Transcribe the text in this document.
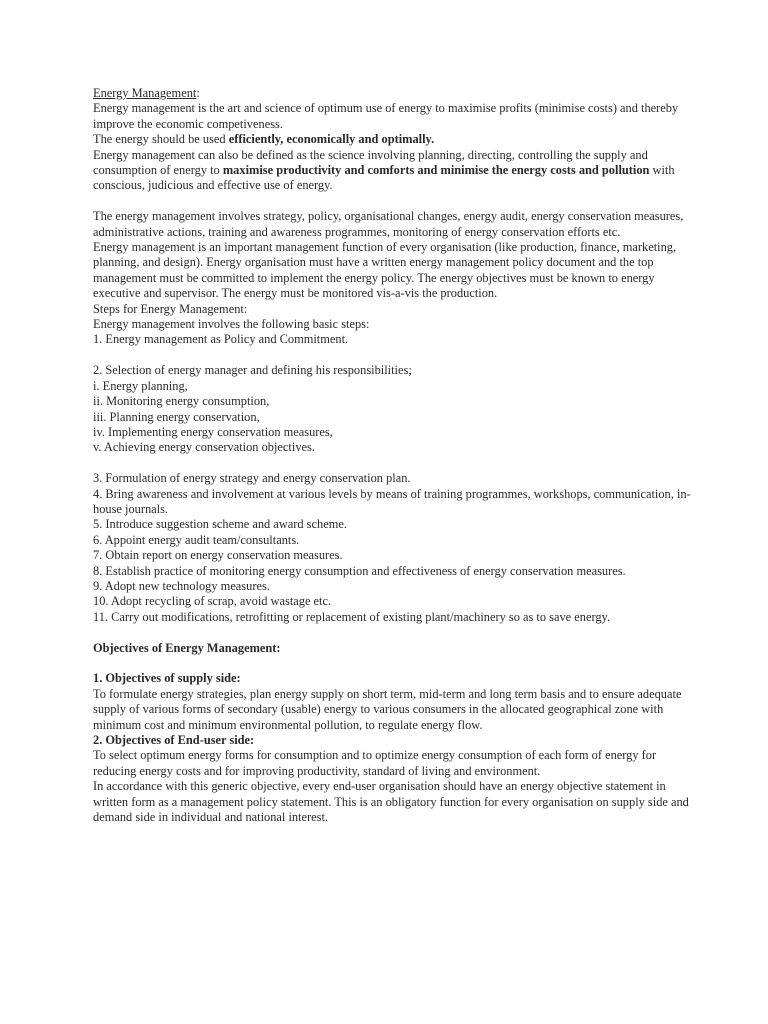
Energy Management:

Energy management is the art and science of optimum use of energy to maximise profits (minimise costs) and thereby improve the economic competiveness.

The energy should be used efficiently, economically and optimally.

Energy management can also be defined as the science involving planning, directing, controlling the supply and consumption of energy to maximise productivity and comforts and minimise the energy costs and pollution with conscious, judicious and effective use of energy.

The energy management involves strategy, policy, organisational changes, energy audit, energy conservation measures, administrative actions, training and awareness programmes, monitoring of energy conservation efforts etc.

Energy management is an important management function of every organisation (like production, finance, marketing, planning, and design). Energy organisation must have a written energy management policy document and the top management must be committed to implement the energy policy. The energy objectives must be known to energy executive and supervisor. The energy must be monitored vis-a-vis the production.

Steps for Energy Management:

Energy management involves the following basic steps:

1. Energy management as Policy and Commitment.

2. Selection of energy manager and defining his responsibilities;

i. Energy planning,

ii. Monitoring energy consumption,

iii. Planning energy conservation,

iv. Implementing energy conservation measures,

v. Achieving energy conservation objectives.

3. Formulation of energy strategy and energy conservation plan.

4. Bring awareness and involvement at various levels by means of training programmes, workshops, communication, in-house journals.

5. Introduce suggestion scheme and award scheme.

6. Appoint energy audit team/consultants.

7. Obtain report on energy conservation measures.

8. Establish practice of monitoring energy consumption and effectiveness of energy conservation measures.

9. Adopt new technology measures.

10. Adopt recycling of scrap, avoid wastage etc.

11. Carry out modifications, retrofitting or replacement of existing plant/machinery so as to save energy.

Objectives of Energy Management:

1. Objectives of supply side:

To formulate energy strategies, plan energy supply on short term, mid-term and long term basis and to ensure adequate supply of various forms of secondary (usable) energy to various consumers in the allocated geographical zone with minimum cost and minimum environmental pollution, to regulate energy flow.

2. Objectives of End-user side:

To select optimum energy forms for consumption and to optimize energy consumption of each form of energy for reducing energy costs and for improving productivity, standard of living and environment.

In accordance with this generic objective, every end-user organisation should have an energy objective statement in written form as a management policy statement. This is an obligatory function for every organisation on supply side and demand side in individual and national interest.
